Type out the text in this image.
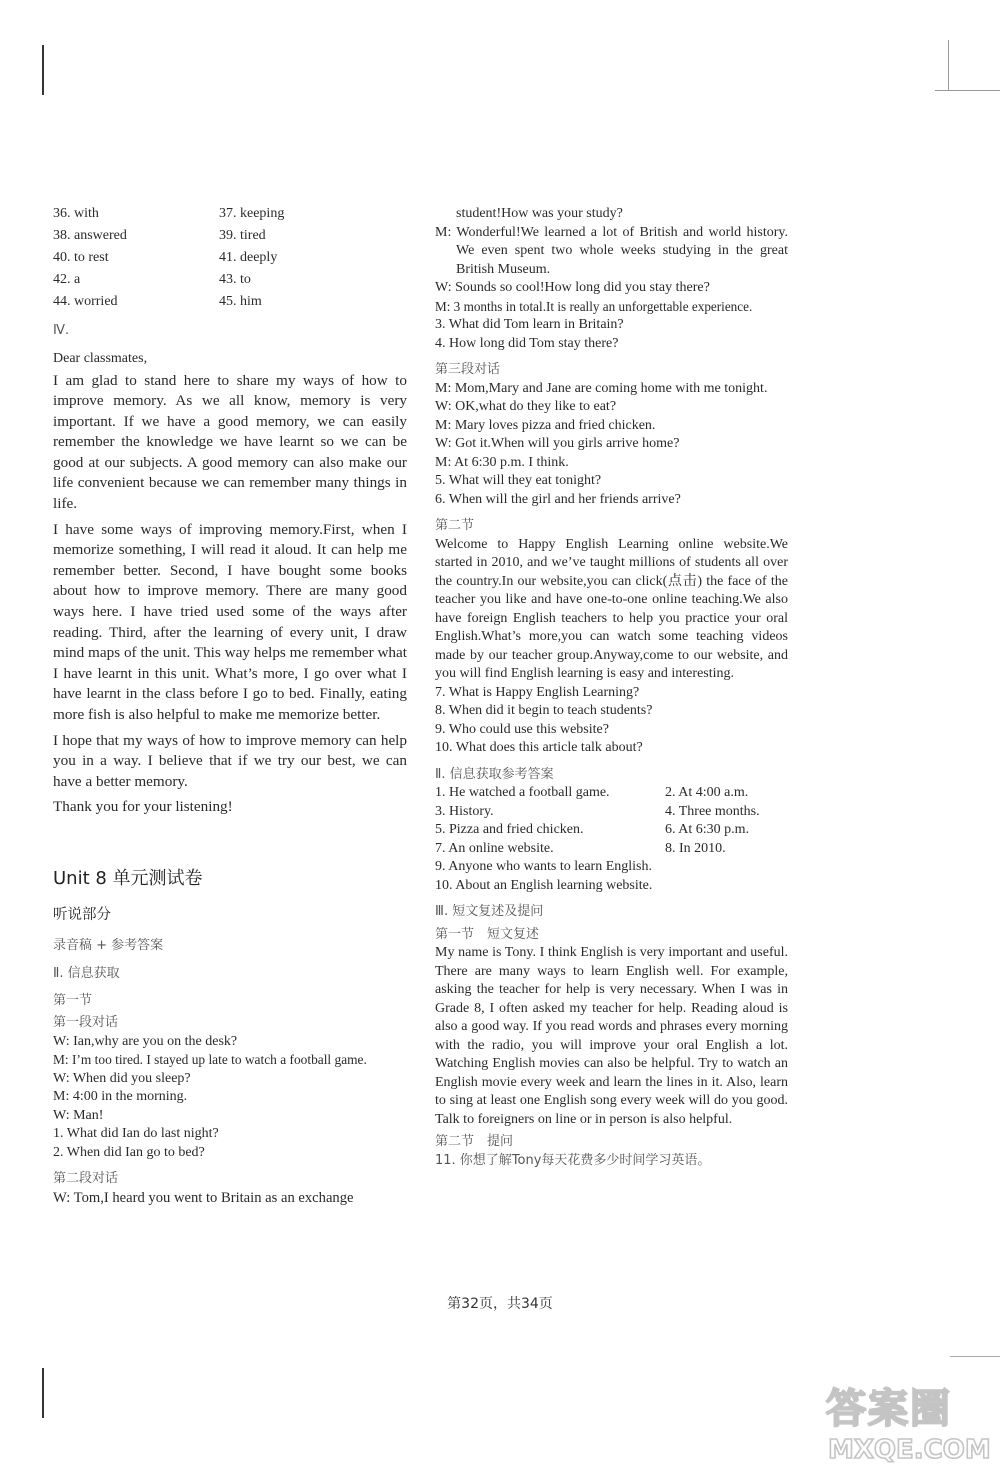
36. with	37. keeping
38. answered	39. tired
40. to rest	41. deeply
42. a	43. to
44. worried	45. him
Ⅳ.
Dear classmates,

I am glad to stand here to share my ways of how to improve memory. As we all know, memory is very important. If we have a good memory, we can easily remember the knowledge we have learnt so we can be good at our subjects. A good memory can also make our life convenient because we can remember many things in life.

I have some ways of improving memory.First, when I memorize something, I will read it aloud. It can help me remember better. Second, I have bought some books about how to improve memory. There are many good ways here. I have tried used some of the ways after reading. Third, after the learning of every unit, I draw mind maps of the unit. This way helps me remember what I have learnt in this unit. What’s more, I go over what I have learnt in the class before I go to bed. Finally, eating more fish is also helpful to make me memorize better.

I hope that my ways of how to improve memory can help you in a way. I believe that if we try our best, we can have a better memory.

Thank you for your listening!

Unit 8 单元测试卷
听说部分
录音稿 + 参考答案
Ⅱ. 信息获取
第一节
第一段对话
W: Ian,why are you on the desk?
M: I’m too tired. I stayed up late to watch a football game.
W: When did you sleep?
M: 4:00 in the morning.
W: Man!
1. What did Ian do last night?
2. When did Ian go to bed?
第二段对话
W: Tom,I heard you went to Britain as an exchange
student!How was your study?
M: Wonderful!We learned a lot of British and world history. We even spent two whole weeks studying in the great British Museum.
W: Sounds so cool!How long did you stay there?
M: 3 months in total.It is really an unforgettable experience.
3. What did Tom learn in Britain?
4. How long did Tom stay there?
第三段对话
M: Mom,Mary and Jane are coming home with me tonight.
W: OK,what do they like to eat?
M: Mary loves pizza and fried chicken.
W: Got it.When will you girls arrive home?
M: At 6:30 p.m. I think.
5. What will they eat tonight?
6. When will the girl and her friends arrive?
第二节
Welcome to Happy English Learning online website.We started in 2010, and we’ve taught millions of students all over the country.In our website,you can click(点击) the face of the teacher you like and have one-to-one online teaching.We also have foreign English teachers to help you practice your oral English.What’s more,you can watch some teaching videos made by our teacher group.Anyway,come to our website, and you will find English learning is easy and interesting.
7. What is Happy English Learning?
8. When did it begin to teach students?
9. Who could use this website?
10. What does this article talk about?
Ⅱ. 信息获取参考答案
1. He watched a football game.	2. At 4:00 a.m.
3. History.	4. Three months.
5. Pizza and fried chicken.	6. At 6:30 p.m.
7. An online website.	8. In 2010.
9. Anyone who wants to learn English.
10. About an English learning website.
Ⅲ. 短文复述及提问
第一节　短文复述
My name is Tony. I think English is very important and useful. There are many ways to learn English well. For example, asking the teacher for help is very necessary. When I was in Grade 8, I often asked my teacher for help. Reading aloud is also a good way. If you read words and phrases every morning with the radio, you will improve your oral English a lot. Watching English movies can also be helpful. Try to watch an English movie every week and learn the lines in it. Also, learn to sing at least one English song every week will do you good. Talk to foreigners on line or in person is also helpful.
第二节　提问
11. 你想了解Tony每天花费多少时间学习英语。
第32页，共34页
答案圈
MXQE.COM
